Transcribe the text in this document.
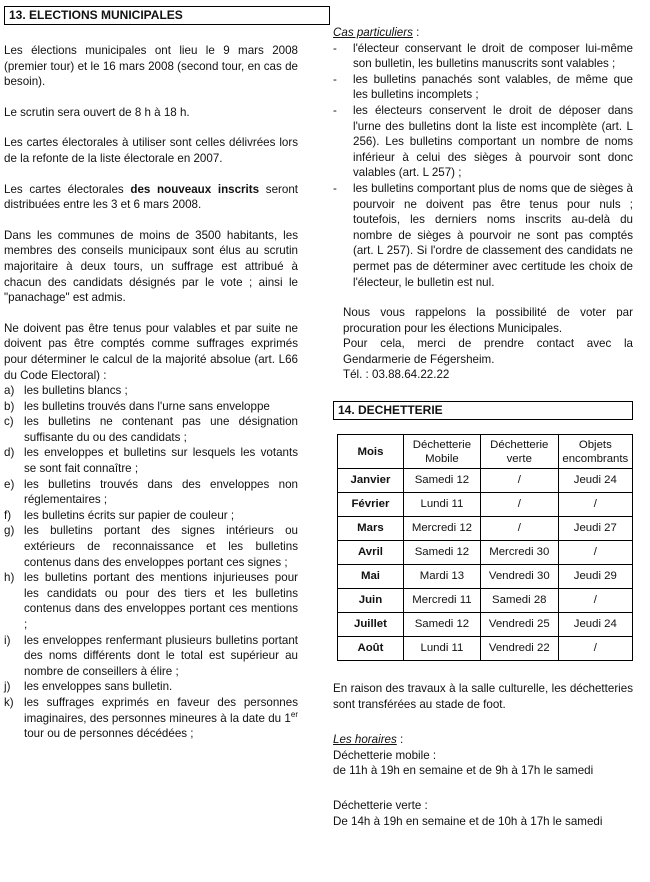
13. ELECTIONS MUNICIPALES

Les élections municipales ont lieu le 9 mars 2008 (premier tour) et le 16 mars 2008 (second tour, en cas de besoin).

Le scrutin sera ouvert de 8 h à 18 h.

Les cartes électorales à utiliser sont celles délivrées lors de la refonte de la liste électorale en 2007.

Les cartes électorales des nouveaux inscrits seront distribuées entre les 3 et 6 mars 2008.

Dans les communes de moins de 3500 habitants, les membres des conseils municipaux sont élus au scrutin majoritaire à deux tours, un suffrage est attribué à chacun des candidats désignés par le vote ; ainsi le "panachage" est admis.

Ne doivent pas être tenus pour valables et par suite ne doivent pas être comptés comme suffrages exprimés pour déterminer le calcul de la majorité absolue (art. L66 du Code Electoral) :

a) les bulletins blancs ;
b) les bulletins trouvés dans l'urne sans enveloppe
c) les bulletins ne contenant pas une désignation suffisante du ou des candidats ;
d) les enveloppes et bulletins sur lesquels les votants se sont fait connaître ;
e) les bulletins trouvés dans des enveloppes non réglementaires ;
f) les bulletins écrits sur papier de couleur ;
g) les bulletins portant des signes intérieurs ou extérieurs de reconnaissance et les bulletins contenus dans des enveloppes portant ces signes ;
h) les bulletins portant des mentions injurieuses pour les candidats ou pour des tiers et les bulletins contenus dans des enveloppes portant ces mentions ;
i) les enveloppes renfermant plusieurs bulletins portant des noms différents dont le total est supérieur au nombre de conseillers à élire ;
j) les enveloppes sans bulletin.
k) les suffrages exprimés en faveur des personnes imaginaires, des personnes mineures à la date du 1er tour ou de personnes décédées ;

Cas particuliers :

- l'électeur conservant le droit de composer lui-même son bulletin, les bulletins manuscrits sont valables ;
- les bulletins panachés sont valables, de même que les bulletins incomplets ;
- les électeurs conservent le droit de déposer dans l'urne des bulletins dont la liste est incomplète (art. L 256). Les bulletins comportant un nombre de noms inférieur à celui des sièges à pourvoir sont donc valables (art. L 257) ;
- les bulletins comportant plus de noms que de sièges à pourvoir ne doivent pas être tenus pour nuls ; toutefois, les derniers noms inscrits au-delà du nombre de sièges à pourvoir ne sont pas comptés (art. L 257). Si l'ordre de classement des candidats ne permet pas de déterminer avec certitude les choix de l'électeur, le bulletin est nul.

Nous vous rappelons la possibilité de voter par procuration pour les élections Municipales.

Pour cela, merci de prendre contact avec la Gendarmerie de Fégersheim.

Tél. : 03.88.64.22.22

14. DECHETTERIE
Mois	Déchetterie Mobile	Déchetterie verte	Objets encombrants
Janvier	Samedi 12	/	Jeudi 24
Février	Lundi 11	/	/
Mars	Mercredi 12	/	Jeudi 27
Avril	Samedi 12	Mercredi 30	/
Mai	Mardi 13	Vendredi 30	Jeudi 29
Juin	Mercredi 11	Samedi 28	/
Juillet	Samedi 12	Vendredi 25	Jeudi 24
Août	Lundi 11	Vendredi 22	/

En raison des travaux à la salle culturelle, les déchetteries sont transférées au stade de foot.

Les horaires :

Déchetterie mobile :

de 11h à 19h en semaine et de 9h à 17h le samedi

Déchetterie verte :

De 14h à 19h en semaine et de 10h à 17h le samedi
